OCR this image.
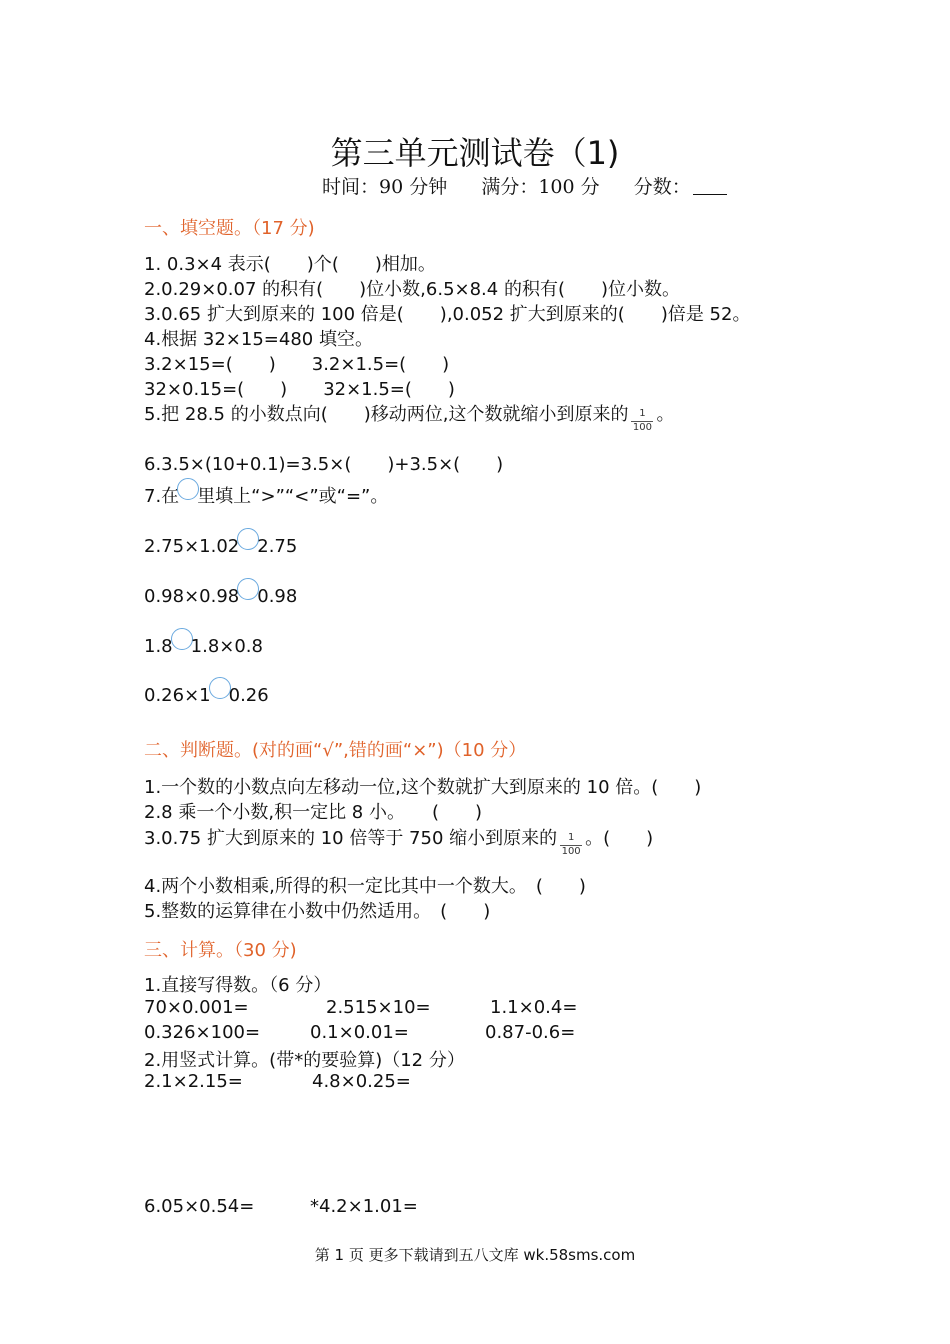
第三单元测试卷（1)
时间：90 分钟 满分：100 分 分数：
一、填空题。（17 分)
1. 0.3×4 表示(　　)个(　　)相加。
2.0.29×0.07 的积有(　　)位小数,6.5×8.4 的积有(　　)位小数。
3.0.65 扩大到原来的 100 倍是(　　),0.052 扩大到原来的(　　)倍是 52。
4.根据 32×15=480 填空。
3.2×15=(　　)　　3.2×1.5=(　　)
32×0.15=(　　)　　32×1.5=(　　)
5.把 28.5 的小数点向(　　)移动两位,这个数就缩小到原来的 $\frac{1}{100}$ 。
6.3.5×(10+0.1)=3.5×(　　)+3.5×(　　)
7.在 里填上“>”“<”或“=”。
2.75×1.02 2.75
0.98×0.98 0.98
1.8 1.8×0.8
0.26×1 0.26
二、判断题。(对的画“√”,错的画“×”)（10 分）
1.一个数的小数点向左移动一位,这个数就扩大到原来的 10 倍。(　　)
2.8 乘一个小数,积一定比 8 小。　　(　　)
3.0.75 扩大到原来的 10 倍等于 750 缩小到原来的 $\frac{1}{100}$ 。(　　)
4.两个小数相乘,所得的积一定比其中一个数大。　(　　)
5.整数的运算律在小数中仍然适用。　(　　)
三、计算。（30 分)
1.直接写得数。（6 分）
70×0.001=	2.515×10=	1.1×0.4=
0.326×100=	0.1×0.01=	0.87-0.6=
2.用竖式计算。(带*的要验算)（12 分）
2.1×2.15=	4.8×0.25=
6.05×0.54=	*4.2×1.01=
第 1 页 更多下载请到五八文库 wk.58sms.com
